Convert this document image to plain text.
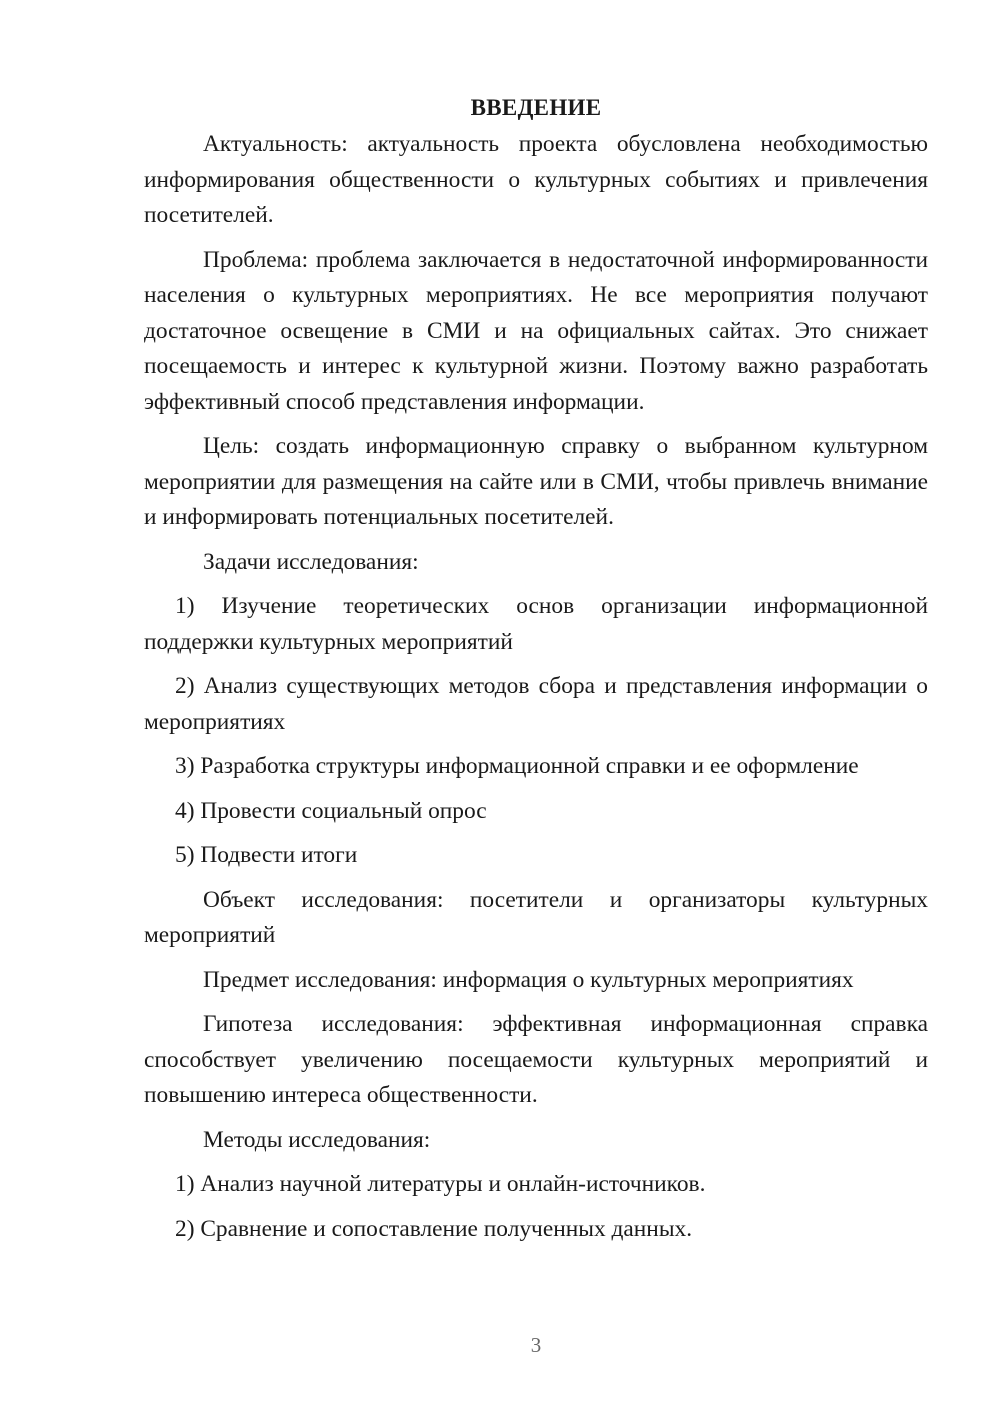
ВВЕДЕНИЕ

Актуальность: актуальность проекта обусловлена необходимостью информирования общественности о культурных событиях и привлечения посетителей.

Проблема: проблема заключается в недостаточной информированности населения о культурных мероприятиях. Не все мероприятия получают достаточное освещение в СМИ и на официальных сайтах. Это снижает посещаемость и интерес к культурной жизни. Поэтому важно разработать эффективный способ представления информации.

Цель: создать информационную справку о выбранном культурном мероприятии для размещения на сайте или в СМИ, чтобы привлечь внимание и информировать потенциальных посетителей.

Задачи исследования:

1) Изучение теоретических основ организации информационной поддержки культурных мероприятий

2) Анализ существующих методов сбора и представления информации о мероприятиях

3) Разработка структуры информационной справки и ее оформление

4) Провести социальный опрос

5) Подвести итоги

Объект исследования: посетители и организаторы культурных мероприятий

Предмет исследования: информация о культурных мероприятиях

Гипотеза исследования: эффективная информационная справка способствует увеличению посещаемости культурных мероприятий и повышению интереса общественности.

Методы исследования:

1) Анализ научной литературы и онлайн-источников.

2) Сравнение и сопоставление полученных данных.

3
